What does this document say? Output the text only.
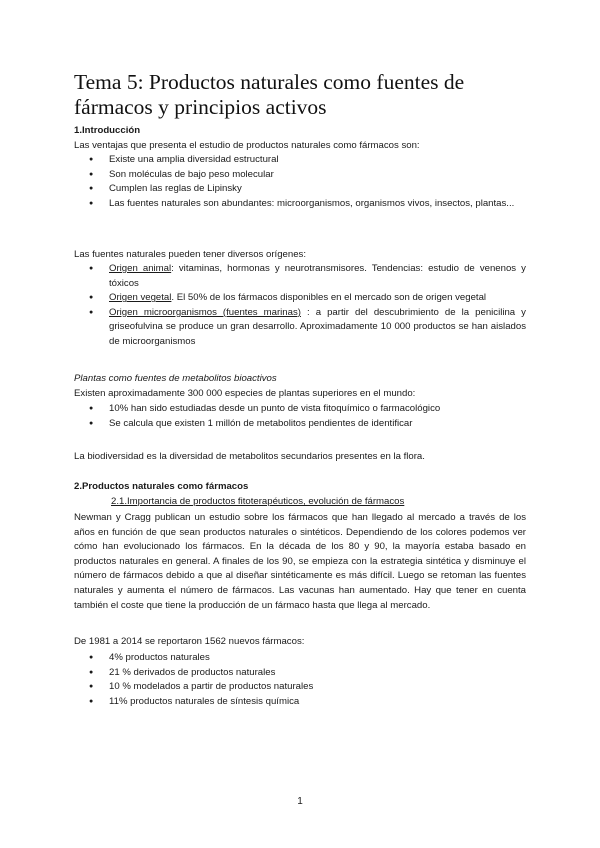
Tema 5: Productos naturales como fuentes de fármacos y principios activos
1.Introducción
Las ventajas que presenta el estudio de productos naturales como fármacos son:
● Existe una amplia diversidad estructural
● Son moléculas de bajo peso molecular
● Cumplen las reglas de Lipinsky
● Las fuentes naturales son abundantes: microorganismos, organismos vivos, insectos, plantas...
Las fuentes naturales pueden tener diversos orígenes:
● Origen animal: vitaminas, hormonas y neurotransmisores. Tendencias: estudio de venenos y tóxicos
● Origen vegetal. El 50% de los fármacos disponibles en el mercado son de origen vegetal
● Origen microorganismos (fuentes marinas) : a partir del descubrimiento de la penicilina y griseofulvina se produce un gran desarrollo. Aproximadamente 10 000 productos se han aislados de microorganismos
Plantas como fuentes de metabolitos bioactivos
Existen aproximadamente 300 000 especies de plantas superiores en el mundo:
● 10% han sido estudiadas desde un punto de vista fitoquímico o farmacológico
● Se calcula que existen 1 millón de metabolitos pendientes de identificar
La biodiversidad es la diversidad de metabolitos secundarios presentes en la flora.
2.Productos naturales como fármacos
2.1.Importancia de productos fitoterapéuticos, evolución de fármacos
Newman y Cragg publican un estudio sobre los fármacos que han llegado al mercado a través de los años en función de que sean productos naturales o sintéticos. Dependiendo de los colores podemos ver cómo han evolucionado los fármacos. En la década de los 80 y 90, la mayoría estaba basado en productos naturales en general. A finales de los 90, se empieza con la estrategia sintética y disminuye el número de fármacos debido a que al diseñar sintéticamente es más difícil. Luego se retoman las fuentes naturales y aumenta el número de fármacos. Las vacunas han aumentado. Hay que tener en cuenta también el coste que tiene la producción de un fármaco hasta que llega al mercado.
De 1981 a 2014 se reportaron 1562 nuevos fármacos:
● 4% productos naturales
● 21 % derivados de productos naturales
● 10 % modelados a partir de productos naturales
● 11% productos naturales de síntesis química
1
